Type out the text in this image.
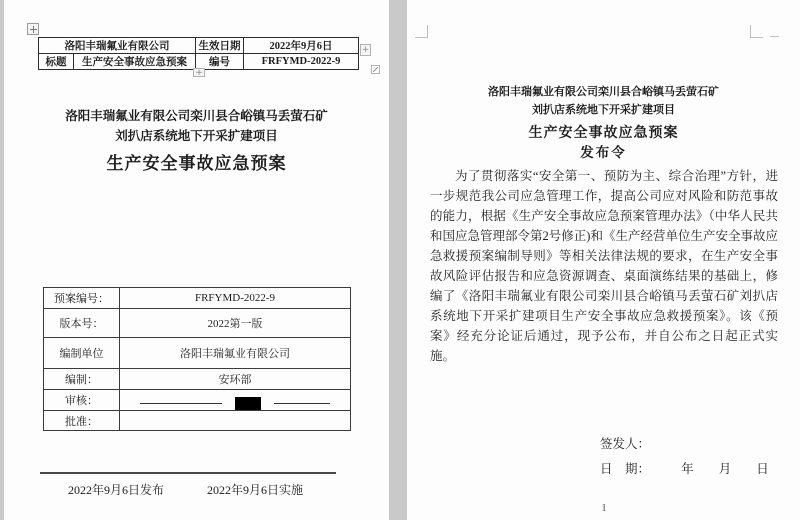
洛阳丰瑞氟业有限公司		生效日期	2022年9月6日
标题	生产安全事故应急预案	编号	FRFYMD-2022-9
+
+
洛阳丰瑞氟业有限公司栾川县合峪镇马丢萤石矿
刘扒店系统地下开采扩建项目
生产安全事故应急预案
预案编号：	FRFYMD-2022-9
版本号：	2022第一版
编制单位	洛阳丰瑞氟业有限公司
编制：	安环部
审核：	

批准：	
2022年9月6日发布	2022年9月6日实施
洛阳丰瑞氟业有限公司栾川县合峪镇马丢萤石矿
刘扒店系统地下开采扩建项目
生产安全事故应急预案
发布令
为了贯彻落实“安全第一、预防为主、综合治理”方针，进一步规范我公司应急管理工作，提高公司应对风险和防范事故的能力，根据《生产安全事故应急预案管理办法》（中华人民共和国应急管理部令第2号修正)和《生产经营单位生产安全事故应急救援预案编制导则》等相关法律法规的要求，在生产安全事故风险评估报告和应急资源调查、桌面演练结果的基础上，修编了《洛阳丰瑞氟业有限公司栾川县合峪镇马丢萤石矿刘扒店系统地下开采扩建项目生产安全事故应急救援预案》。该《预案》经充分论证后通过，现予公布，并自公布之日起正式实施。
签发人：
日　期：　　　年　　月　　日
1
